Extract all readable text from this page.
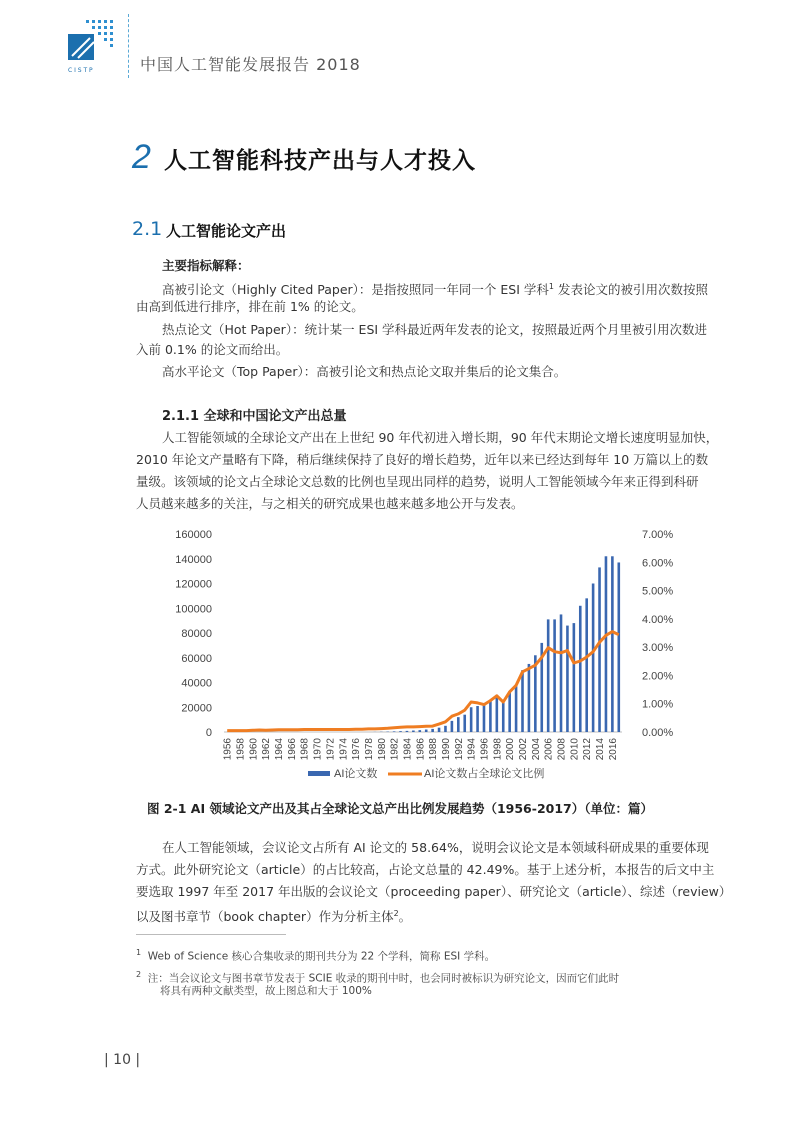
C I S T P	中国人工智能发展报告 2018
2 人工智能科技产出与人才投入
2.1 人工智能论文产出
主要指标解释：
高被引论文（Highly Cited Paper）：是指按照同一年同一个 ESI 学科$^1$ 发表论文的被引用次数按照
由高到低进行排序，排在前 1% 的论文。
热点论文（Hot Paper）：统计某一 ESI 学科最近两年发表的论文，按照最近两个月里被引用次数进
入前 0.1% 的论文而给出。
高水平论文（Top Paper）：高被引论文和热点论文取并集后的论文集合。
2.1.1 全球和中国论文产出总量
人工智能领域的全球论文产出在上世纪 90 年代初进入增长期，90 年代末期论文增长速度明显加快，
2010 年论文产量略有下降，稍后继续保持了良好的增长趋势，近年以来已经达到每年 10 万篇以上的数
量级。该领域的论文占全球论文总数的比例也呈现出同样的趋势，说明人工智能领域今年来正得到科研
人员越来越多的关注，与之相关的研究成果也越来越多地公开与发表。
0
20000
40000
60000
80000
100000
120000
140000
160000
0.00%
1.00%
2.00%
3.00%
4.00%
5.00%
6.00%
7.00%
1956 1958 1960 1962 1964 1966 1968 1970 1972 1974 1976 1978 1980 1982 1984 1986 1988 1990 1992 1994 1996 1998 2000 2002 2004 2006 2008 2010 2012 2014 2016
AI论文数	AI论文数占全球论文比例
图 2-1 AI 领域论文产出及其占全球论文总产出比例发展趋势（1956-2017）（单位：篇）
在人工智能领域，会议论文占所有 AI 论文的 58.64%，说明会议论文是本领域科研成果的重要体现
方式。此外研究论文（article）的占比较高，占论文总量的 42.49%。基于上述分析，本报告的后文中主
要选取 1997 年至 2017 年出版的会议论文（proceeding paper）、研究论文（article）、综述（review）
以及图书章节（book chapter）作为分析主体$^2$。
$^1$ Web of Science 核心合集收录的期刊共分为 22 个学科，简称 ESI 学科。
$^2$ 注：当会议论文与图书章节发表于 SCIE 收录的期刊中时，也会同时被标识为研究论文，因而它们此时
将具有两种文献类型，故上图总和大于 100%
| 10 |
